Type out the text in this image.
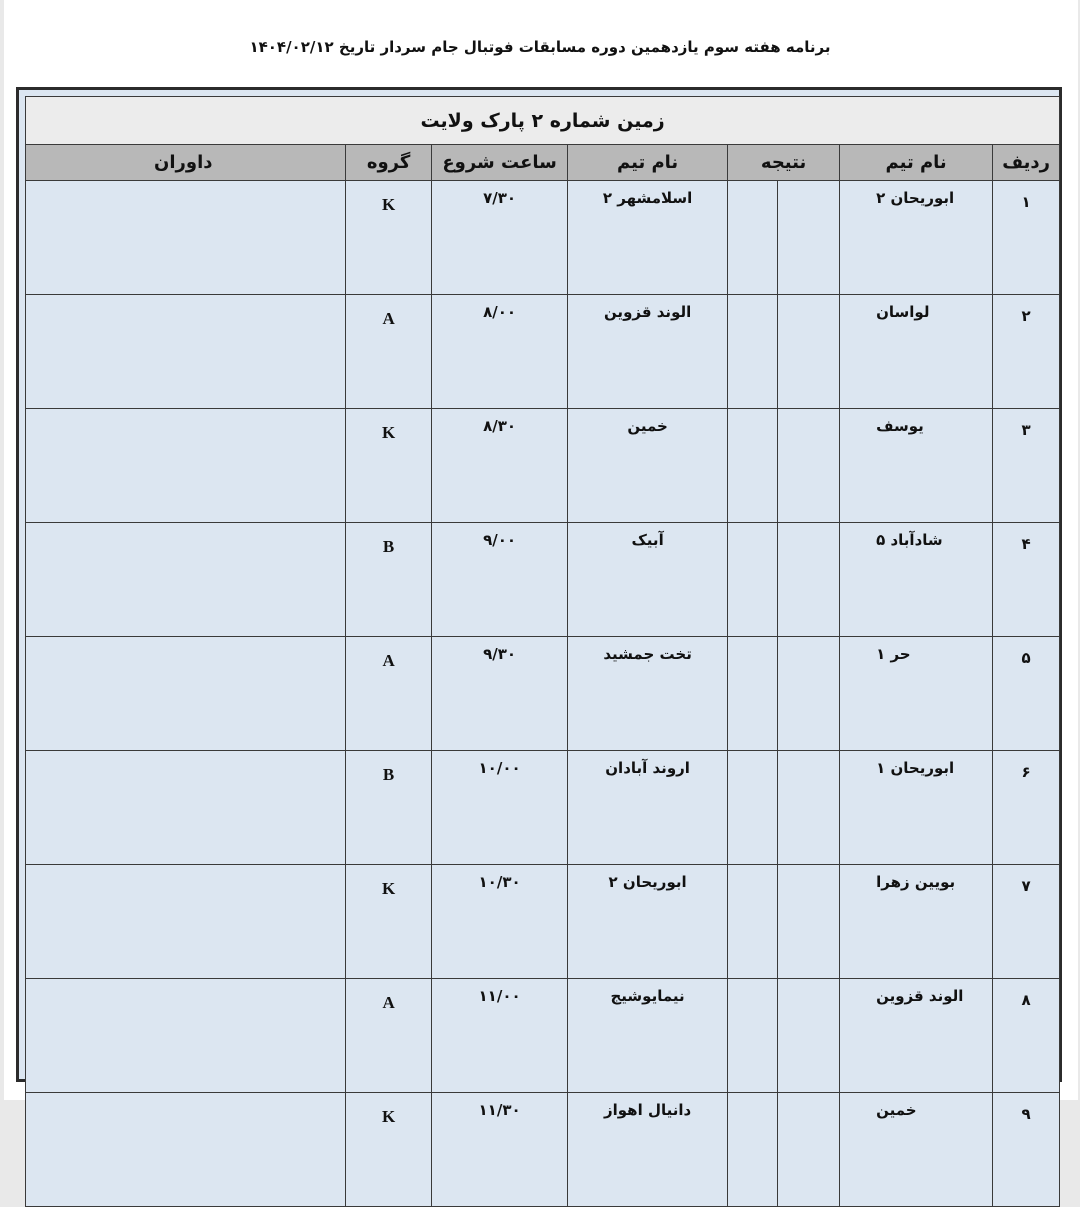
برنامه هفته سوم یازدهمین دوره مسابقات فوتبال جام سردار تاریخ ۱۴۰۴/۰۲/۱۲
زمین شماره ۲ پارک ولایت							
ردیف	نام تیم	نتیجه		نام تیم	ساعت شروع	گروه	داوران
۱	ابوریحان ۲			اسلامشهر ۲	۷/۳۰	K	
۲	لواسان			الوند قزوین	۸/۰۰	A	
۳	یوسف			خمین	۸/۳۰	K	
۴	شادآباد ۵			آبیک	۹/۰۰	B	
۵	حر ۱			تخت جمشید	۹/۳۰	A	
۶	ابوریحان ۱			اروند آبادان	۱۰/۰۰	B	
۷	بویین زهرا			ابوریحان ۲	۱۰/۳۰	K	
۸	الوند قزوین			نیمایوشیج	۱۱/۰۰	A	
۹	خمین			دانیال اهواز	۱۱/۳۰	K	
